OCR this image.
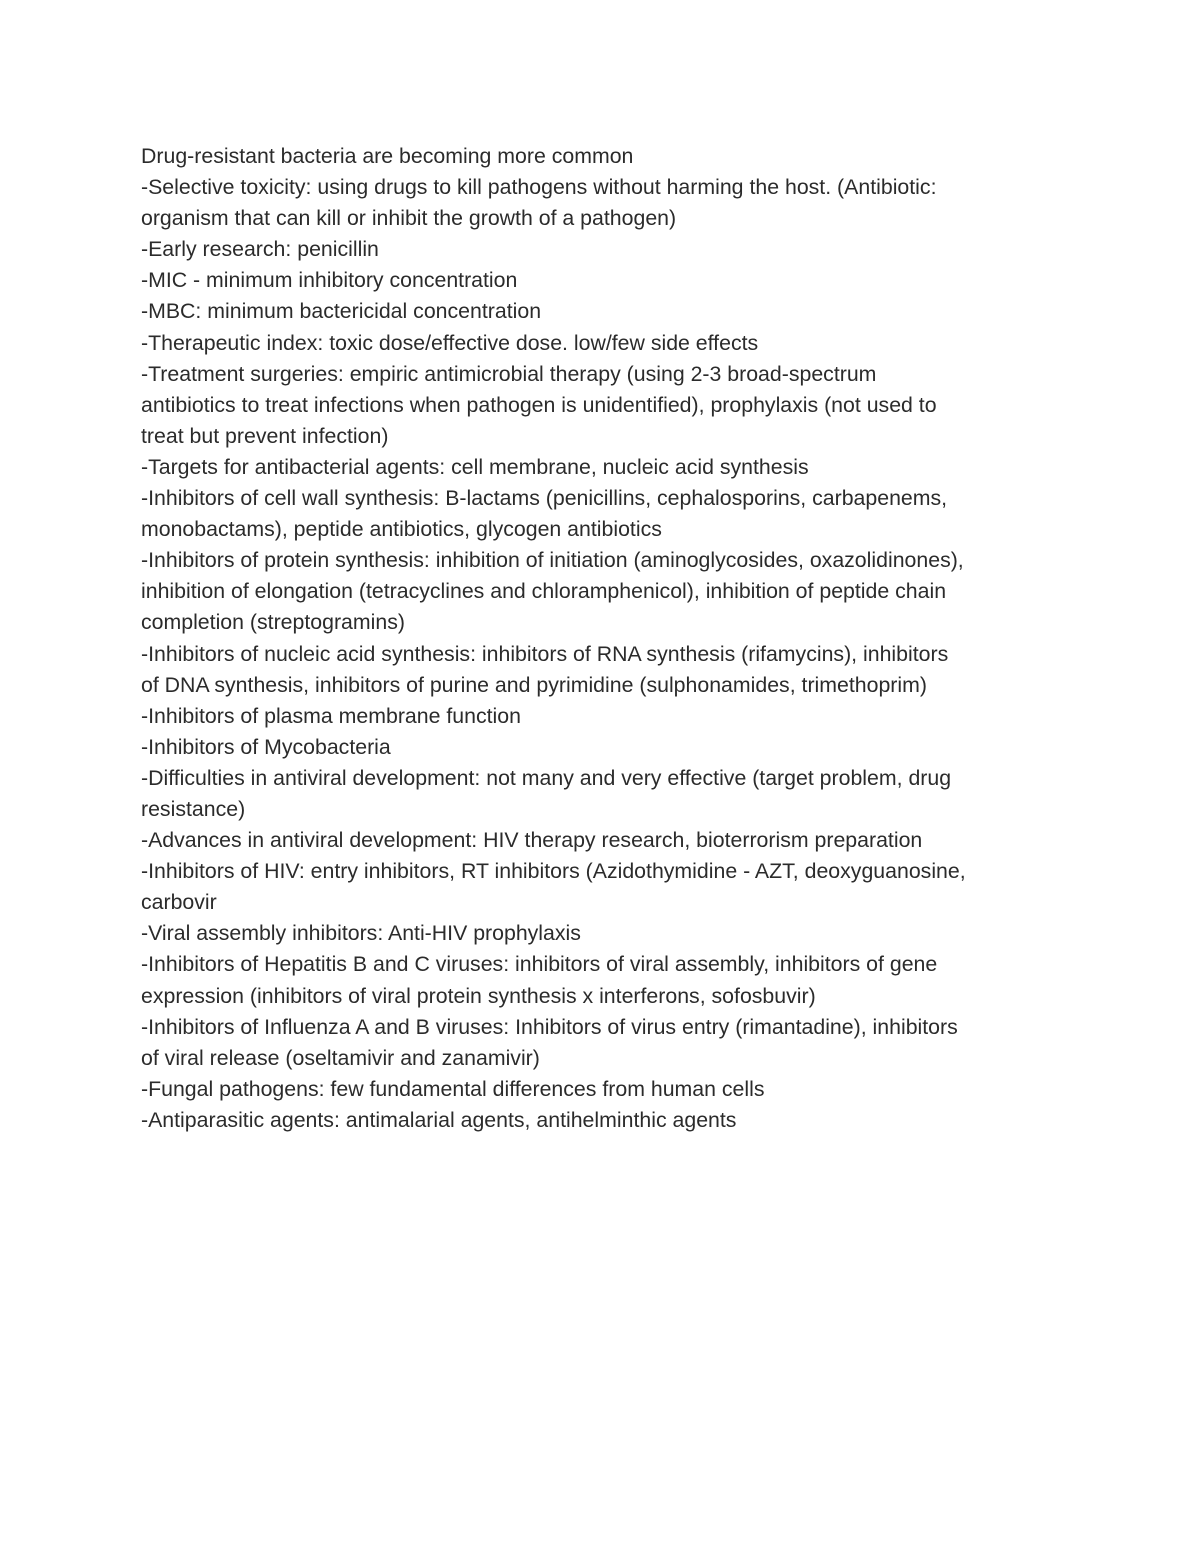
Drug-resistant bacteria are becoming more common
-Selective toxicity: using drugs to kill pathogens without harming the host. (Antibiotic:
organism that can kill or inhibit the growth of a pathogen)
-Early research: penicillin
-MIC - minimum inhibitory concentration
-MBC: minimum bactericidal concentration
-Therapeutic index: toxic dose/effective dose. low/few side effects
-Treatment surgeries: empiric antimicrobial therapy (using 2-3 broad-spectrum
antibiotics to treat infections when pathogen is unidentified), prophylaxis (not used to
treat but prevent infection)
-Targets for antibacterial agents: cell membrane, nucleic acid synthesis
-Inhibitors of cell wall synthesis: B-lactams (penicillins, cephalosporins, carbapenems,
monobactams), peptide antibiotics, glycogen antibiotics
-Inhibitors of protein synthesis: inhibition of initiation (aminoglycosides, oxazolidinones),
inhibition of elongation (tetracyclines and chloramphenicol), inhibition of peptide chain
completion (streptogramins)
-Inhibitors of nucleic acid synthesis: inhibitors of RNA synthesis (rifamycins), inhibitors
of DNA synthesis, inhibitors of purine and pyrimidine (sulphonamides, trimethoprim)
-Inhibitors of plasma membrane function
-Inhibitors of Mycobacteria
-Difficulties in antiviral development: not many and very effective (target problem, drug
resistance)
-Advances in antiviral development: HIV therapy research, bioterrorism preparation
-Inhibitors of HIV: entry inhibitors, RT inhibitors (Azidothymidine - AZT, deoxyguanosine,
carbovir
-Viral assembly inhibitors: Anti-HIV prophylaxis
-Inhibitors of Hepatitis B and C viruses: inhibitors of viral assembly, inhibitors of gene
expression (inhibitors of viral protein synthesis x interferons, sofosbuvir)
-Inhibitors of Influenza A and B viruses: Inhibitors of virus entry (rimantadine), inhibitors
of viral release (oseltamivir and zanamivir)
-Fungal pathogens: few fundamental differences from human cells
-Antiparasitic agents: antimalarial agents, antihelminthic agents
